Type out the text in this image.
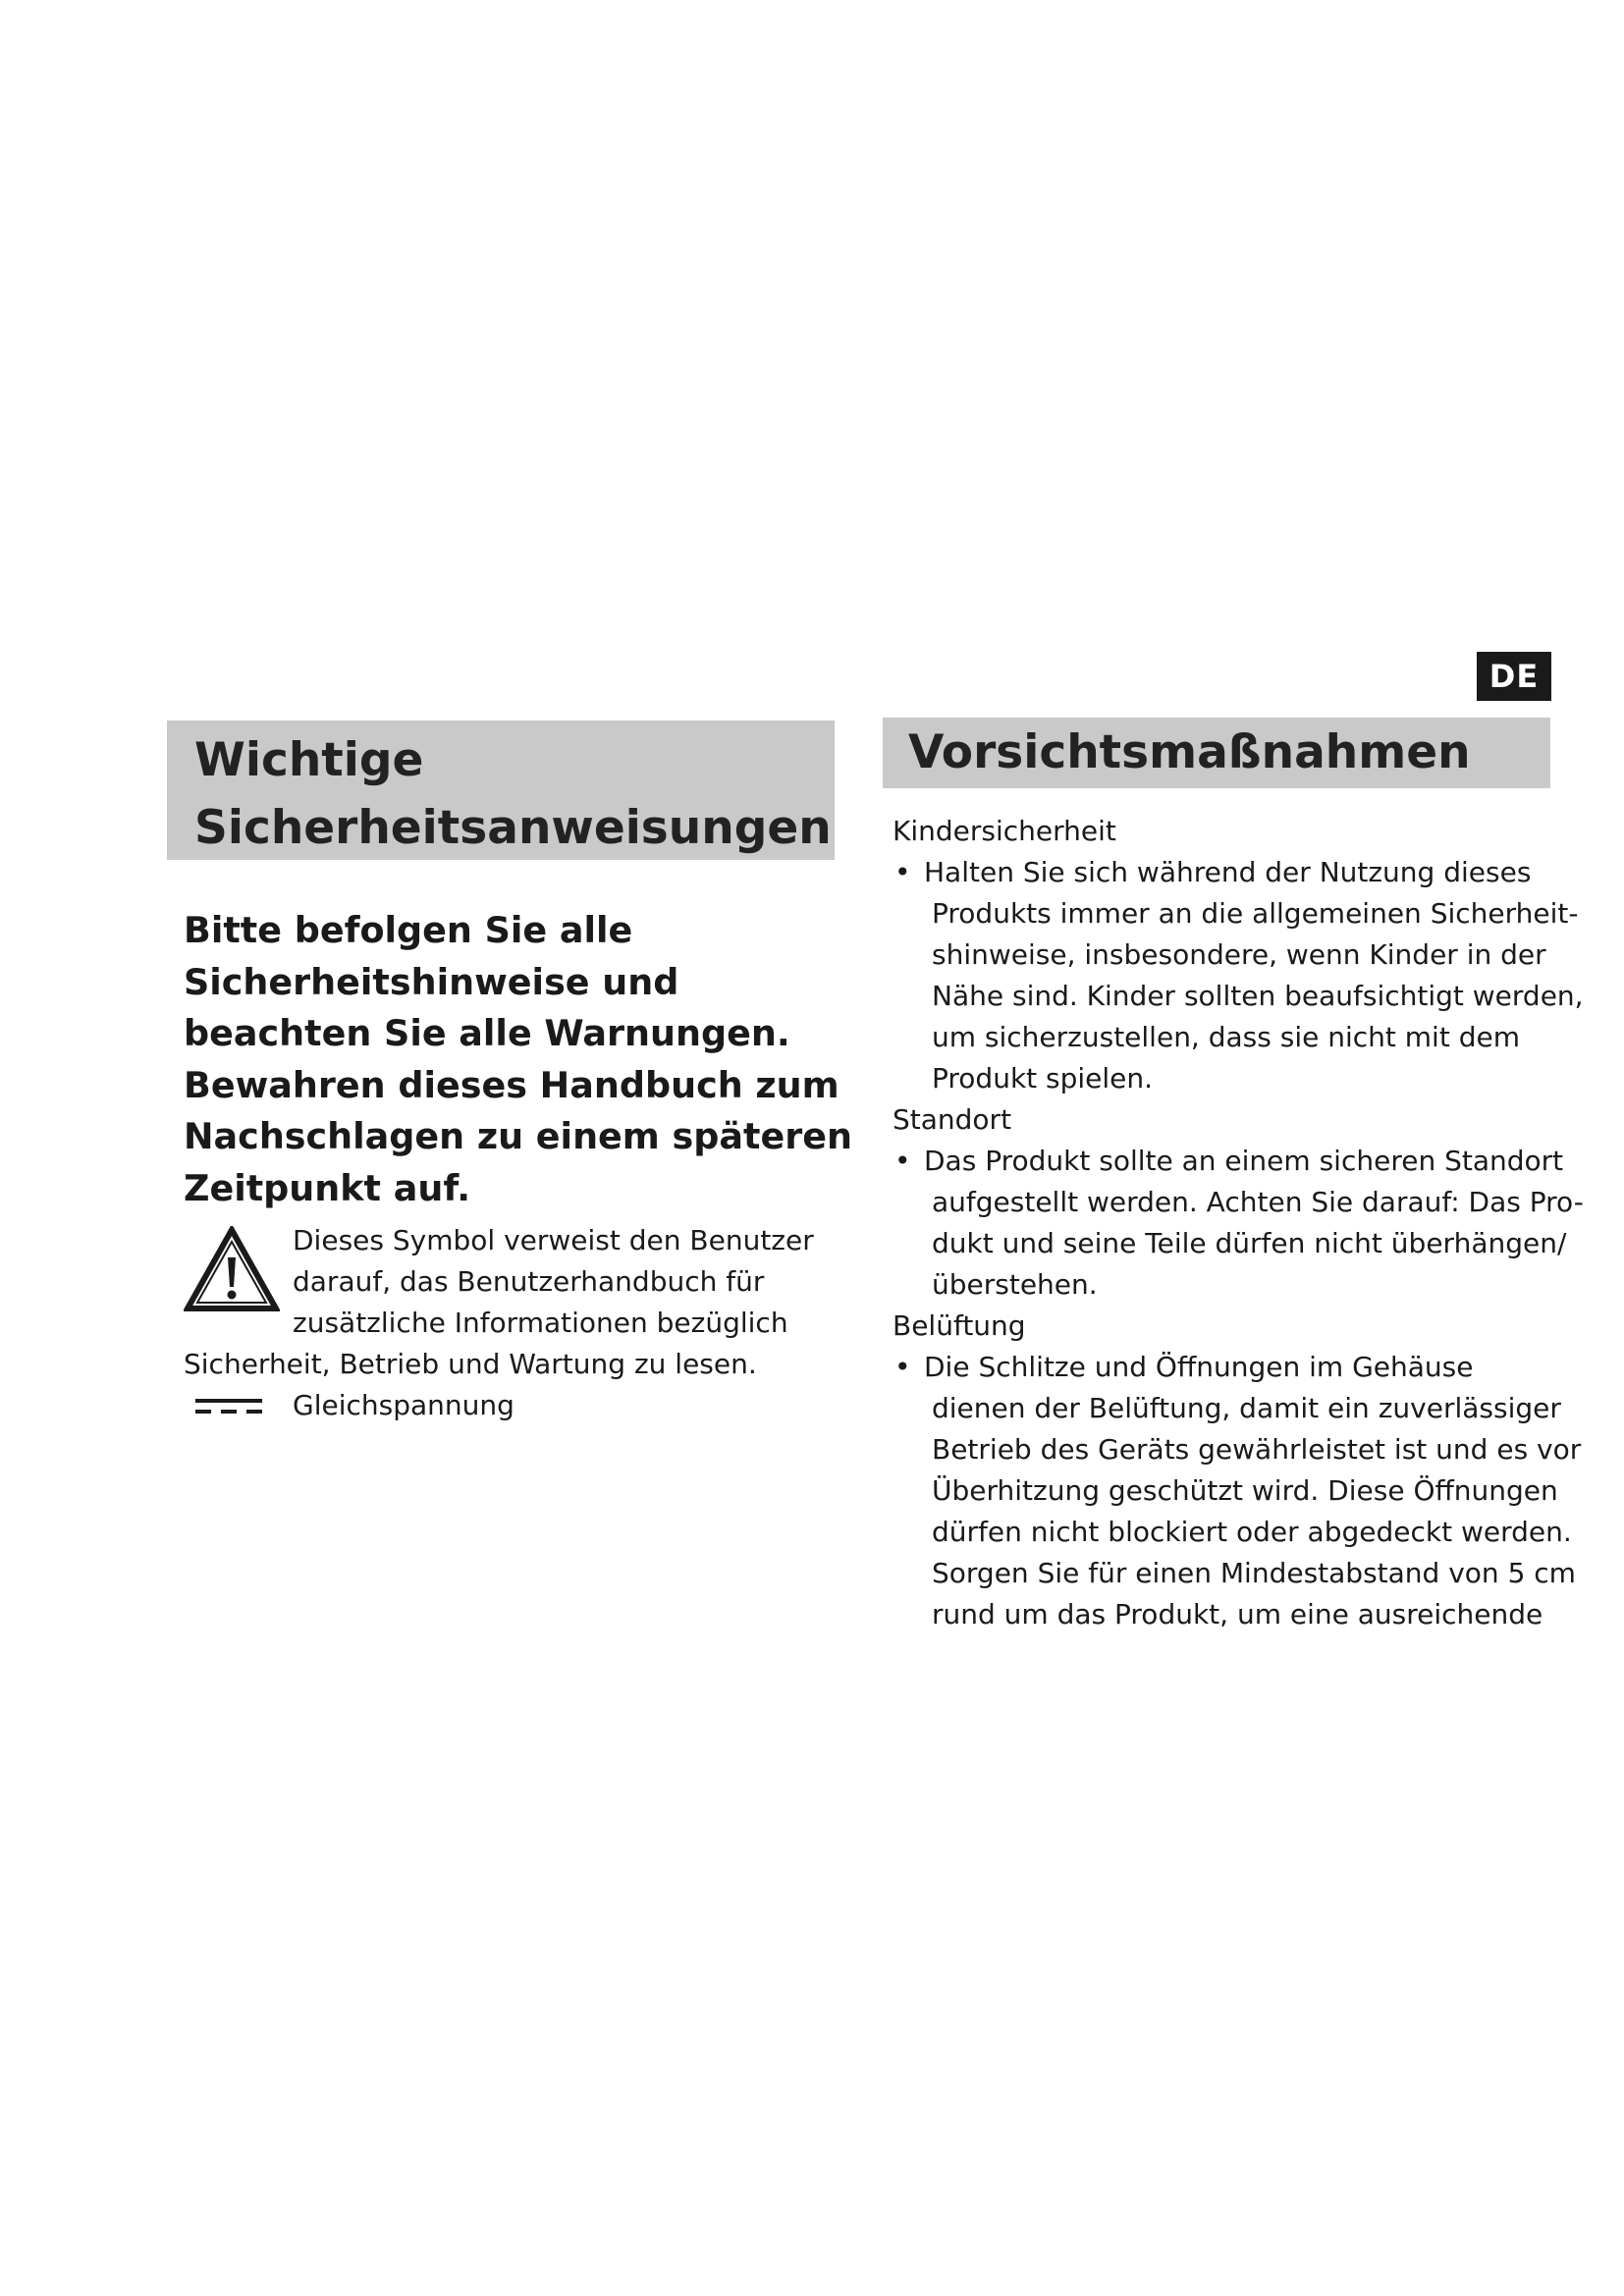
DE
Wichtige
Sicherheitsanweisungen
Vorsichtsmaßnahmen

Bitte befolgen Sie alle

Sicherheitshinweise und

beachten Sie alle Warnungen.

Bewahren dieses Handbuch zum

Nachschlagen zu einem späteren

Zeitpunkt auf.

Dieses Symbol verweist den Benutzer
darauf, das Benutzerhandbuch für
zusätzliche Informationen bezüglich
Sicherheit, Betrieb und Wartung zu lesen.

Gleichspannung

Kindersicherheit

• Halten Sie sich während der Nutzung dieses
Produkts immer an die allgemeinen Sicherheit-
shinweise, insbesondere, wenn Kinder in der
Nähe sind. Kinder sollten beaufsichtigt werden,
um sicherzustellen, dass sie nicht mit dem
Produkt spielen.

Standort

• Das Produkt sollte an einem sicheren Standort
aufgestellt werden. Achten Sie darauf: Das Pro-
dukt und seine Teile dürfen nicht überhängen/
überstehen.

Belüftung

• Die Schlitze und Öffnungen im Gehäuse
dienen der Belüftung, damit ein zuverlässiger
Betrieb des Geräts gewährleistet ist und es vor
Überhitzung geschützt wird. Diese Öffnungen
dürfen nicht blockiert oder abgedeckt werden.
Sorgen Sie für einen Mindestabstand von 5 cm
rund um das Produkt, um eine ausreichende
